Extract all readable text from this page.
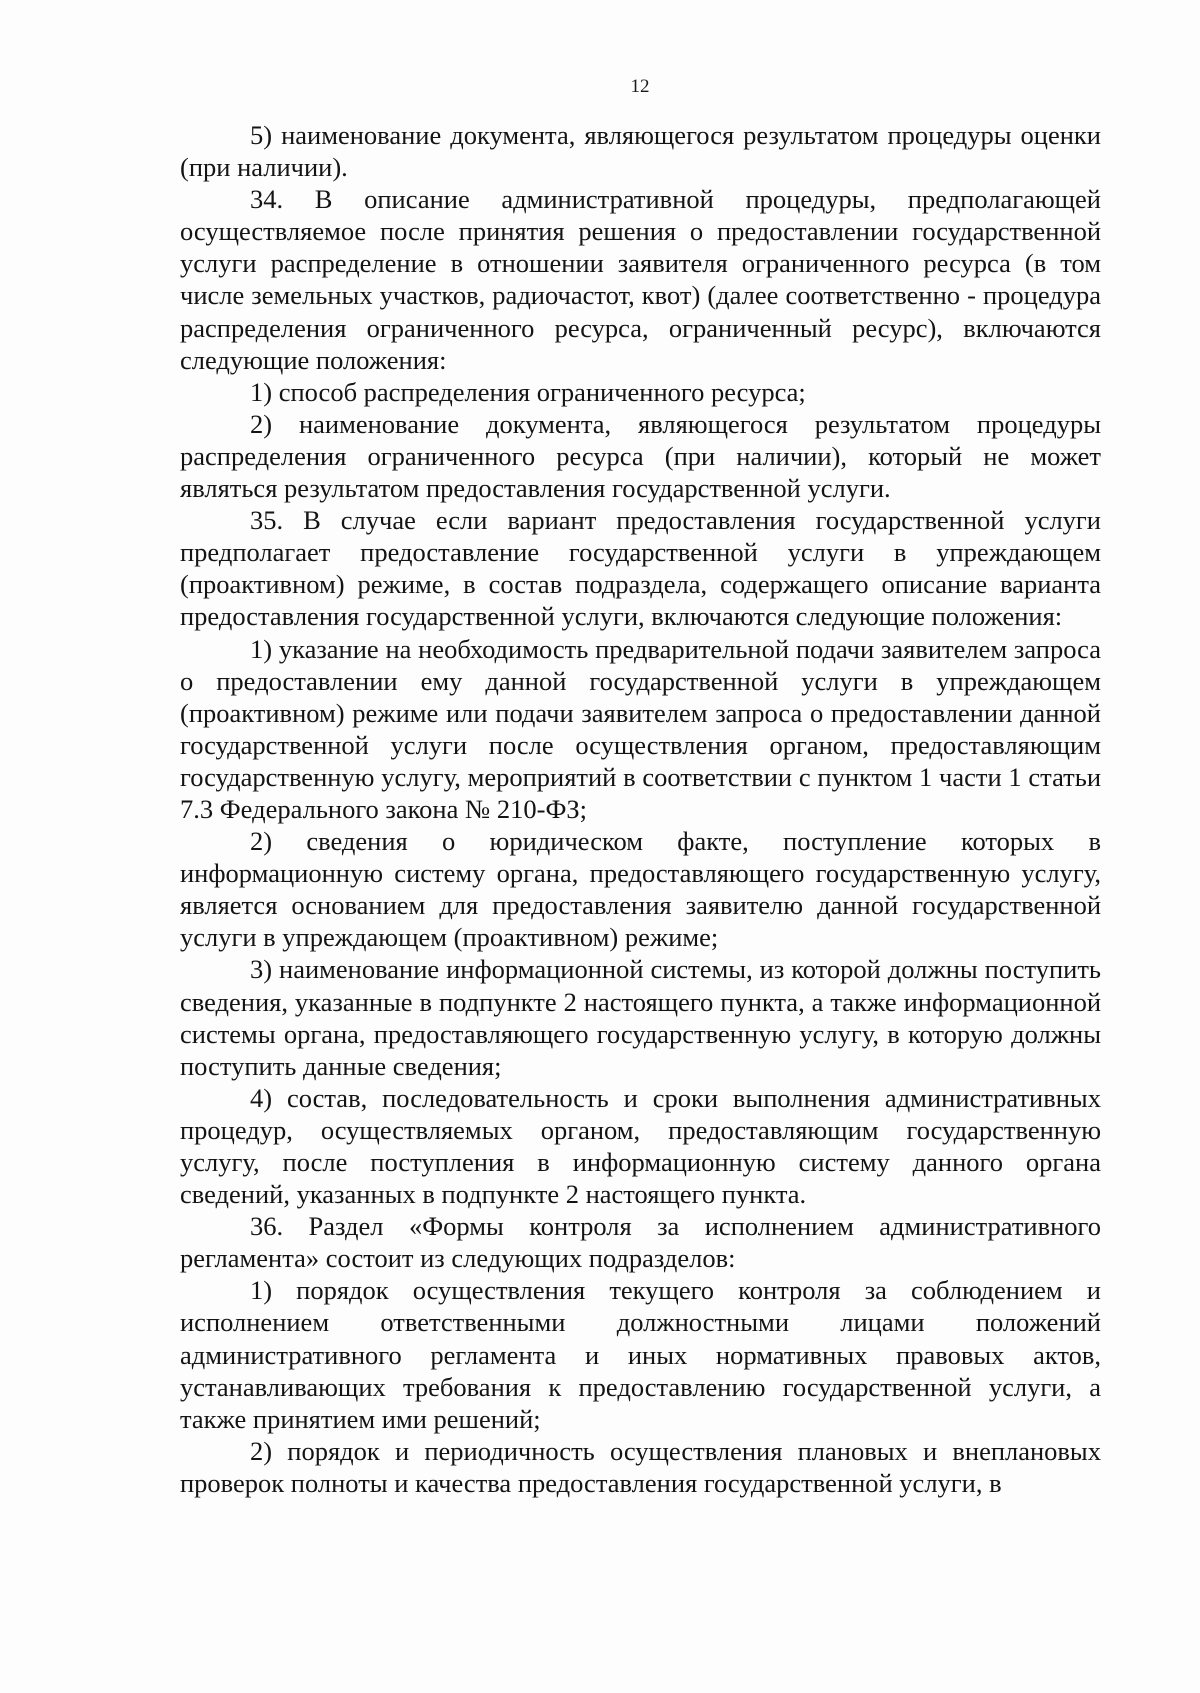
12

5) наименование документа, являющегося результатом процедуры оценки (при наличии).

34. В описание административной процедуры, предполагающей осуществляемое после принятия решения о предоставлении государственной услуги распределение в отношении заявителя ограниченного ресурса (в том числе земельных участков, радиочастот, квот) (далее соответственно - процедура распределения ограниченного ресурса, ограниченный ресурс), включаются следующие положения:

1) способ распределения ограниченного ресурса;

2) наименование документа, являющегося результатом процедуры распределения ограниченного ресурса (при наличии), который не может являться результатом предоставления государственной услуги.

35. В случае если вариант предоставления государственной услуги предполагает предоставление государственной услуги в упреждающем (проактивном) режиме, в состав подраздела, содержащего описание варианта предоставления государственной услуги, включаются следующие положения:

1) указание на необходимость предварительной подачи заявителем запроса о предоставлении ему данной государственной услуги в упреждающем (проактивном) режиме или подачи заявителем запроса о предоставлении данной государственной услуги после осуществления органом, предоставляющим государственную услугу, мероприятий в соответствии с пунктом 1 части 1 статьи 7.3 Федерального закона № 210-ФЗ;

2) сведения о юридическом факте, поступление которых в информационную систему органа, предоставляющего государственную услугу, является основанием для предоставления заявителю данной государственной услуги в упреждающем (проактивном) режиме;

3) наименование информационной системы, из которой должны поступить сведения, указанные в подпункте 2 настоящего пункта, а также информационной системы органа, предоставляющего государственную услугу, в которую должны поступить данные сведения;

4) состав, последовательность и сроки выполнения административных процедур, осуществляемых органом, предоставляющим государственную услугу, после поступления в информационную систему данного органа сведений, указанных в подпункте 2 настоящего пункта.

36. Раздел «Формы контроля за исполнением административного регламента» состоит из следующих подразделов:

1) порядок осуществления текущего контроля за соблюдением и исполнением ответственными должностными лицами положений административного регламента и иных нормативных правовых актов, устанавливающих требования к предоставлению государственной услуги, а также принятием ими решений;

2) порядок и периодичность осуществления плановых и внеплановых проверок полноты и качества предоставления государственной услуги, в
